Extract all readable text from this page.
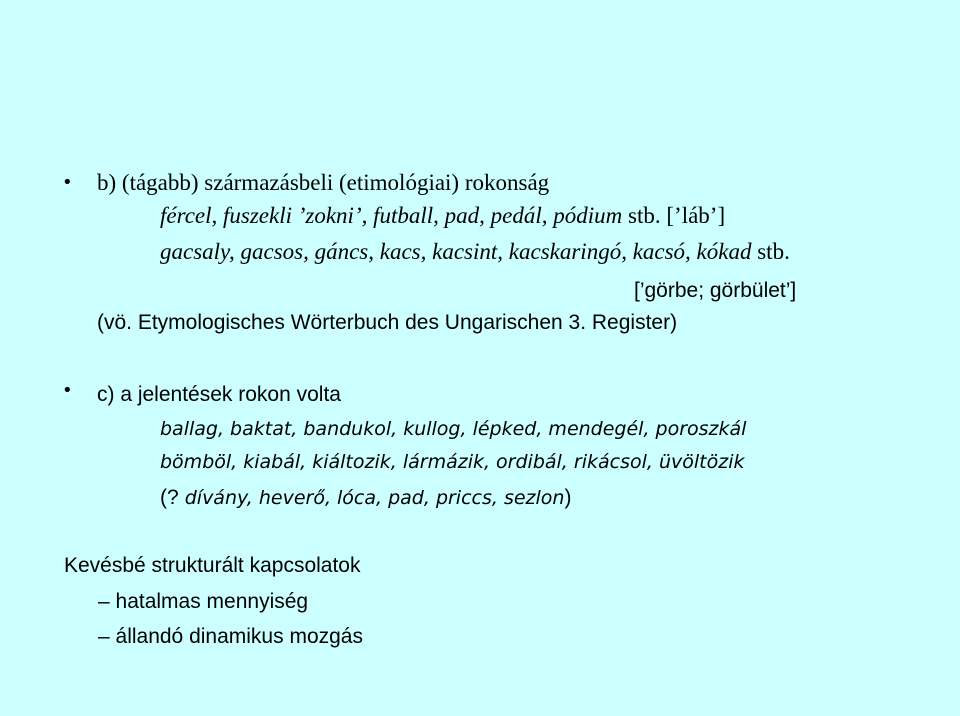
• b) (tágabb) származásbeli (etimológiai) rokonság
fércel, fuszekli ’zokni’, futball, pad, pedál, pódium stb. [’láb’]
gacsaly, gacsos, gáncs, kacs, kacsint, kacskaringó, kacsó, kókad stb.
[’görbe; görbület’]
(vö. Etymologisches Wörterbuch des Ungarischen 3. Register)
• c) a jelentések rokon volta
ballag, baktat, bandukol, kullog, lépked, mendegél, poroszkál
bömböl, kiabál, kiáltozik, lármázik, ordibál, rikácsol, üvöltözik
(? dívány, heverő, lóca, pad, priccs, sezlon)
Kevésbé strukturált kapcsolatok
– hatalmas mennyiség
– állandó dinamikus mozgás
